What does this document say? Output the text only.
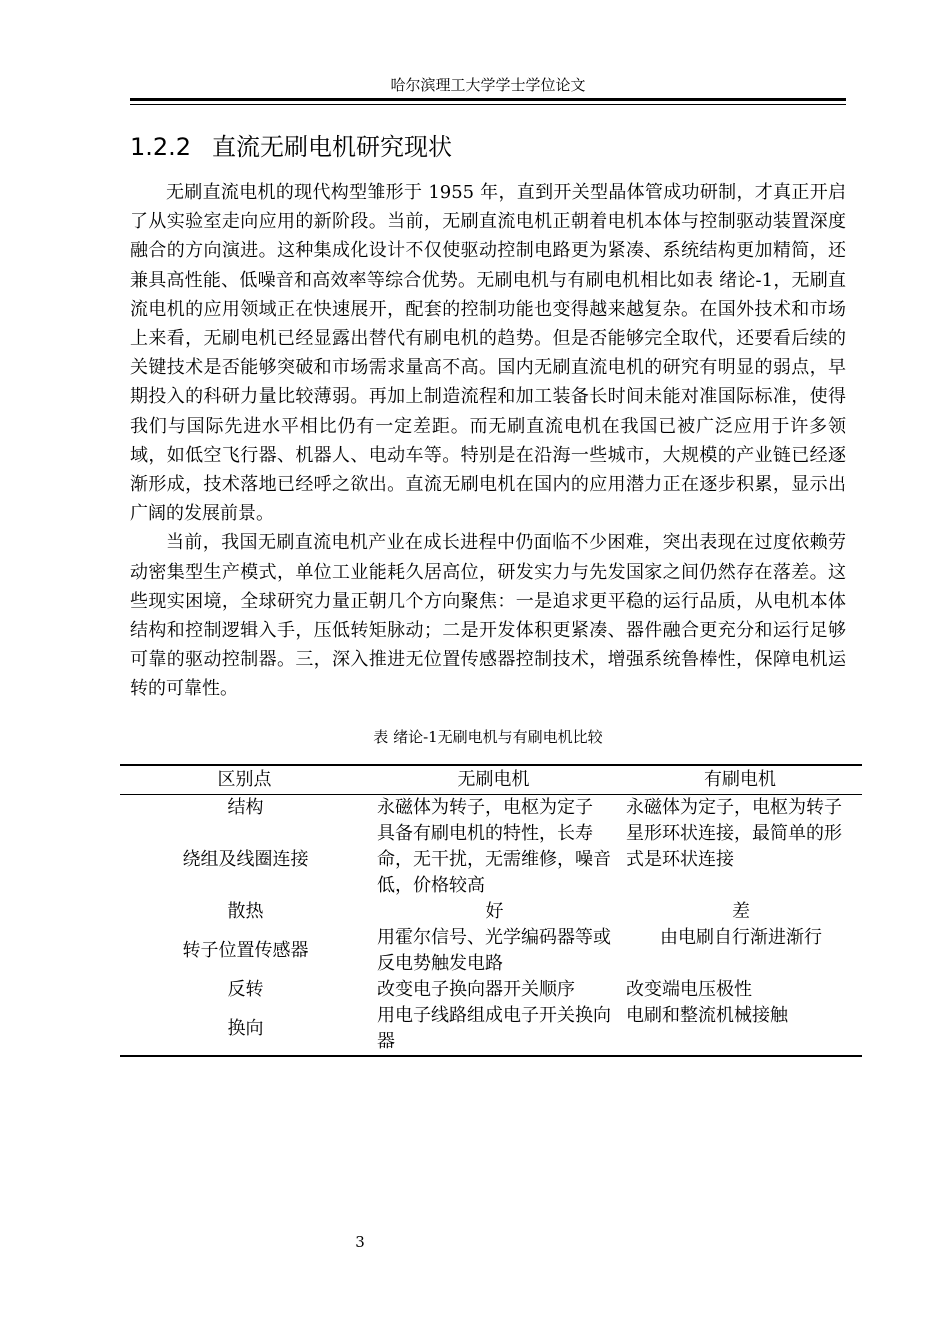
哈尔滨理工大学学士学位论文
1.2.2 直流无刷电机研究现状

无刷直流电机的现代构型雏形于 1955 年，直到开关型晶体管成功研制，才真正开启了从实验室走向应用的新阶段。当前，无刷直流电机正朝着电机本体与控制驱动装置深度融合的方向演进。这种集成化设计不仅使驱动控制电路更为紧凑、系统结构更加精简，还兼具高性能、低噪音和高效率等综合优势。无刷电机与有刷电机相比如表 绪论-1，无刷直流电机的应用领域正在快速展开，配套的控制功能也变得越来越复杂。在国外技术和市场上来看，无刷电机已经显露出替代有刷电机的趋势。但是否能够完全取代，还要看后续的关键技术是否能够突破和市场需求量高不高。国内无刷直流电机的研究有明显的弱点，早期投入的科研力量比较薄弱。再加上制造流程和加工装备长时间未能对准国际标准，使得我们与国际先进水平相比仍有一定差距。而无刷直流电机在我国已被广泛应用于许多领域，如低空飞行器、机器人、电动车等。特别是在沿海一些城市，大规模的产业链已经逐渐形成，技术落地已经呼之欲出。直流无刷电机在国内的应用潜力正在逐步积累，显示出广阔的发展前景。

当前，我国无刷直流电机产业在成长进程中仍面临不少困难，突出表现在过度依赖劳动密集型生产模式，单位工业能耗久居高位，研发实力与先发国家之间仍然存在落差。这些现实困境，全球研究力量正朝几个方向聚焦：一是追求更平稳的运行品质，从电机本体结构和控制逻辑入手，压低转矩脉动；二是开发体积更紧凑、器件融合更充分和运行足够可靠的驱动控制器。三，深入推进无位置传感器控制技术，增强系统鲁棒性，保障电机运转的可靠性。

表 绪论-1无刷电机与有刷电机比较
区别点	无刷电机	有刷电机
结构	永磁体为转子，电枢为定子	永磁体为定子，电枢为转子
绕组及线圈连接	具备有刷电机的特性，长寿命，无干扰，无需维修，噪音低，价格较高	星形环状连接，最简单的形式是环状连接
散热	好	差
转子位置传感器	用霍尔信号、光学编码器等或反电势触发电路	由电刷自行渐进渐行
反转	改变电子换向器开关顺序	改变端电压极性
换向	用电子线路组成电子开关换向器	电刷和整流机械接触
3
